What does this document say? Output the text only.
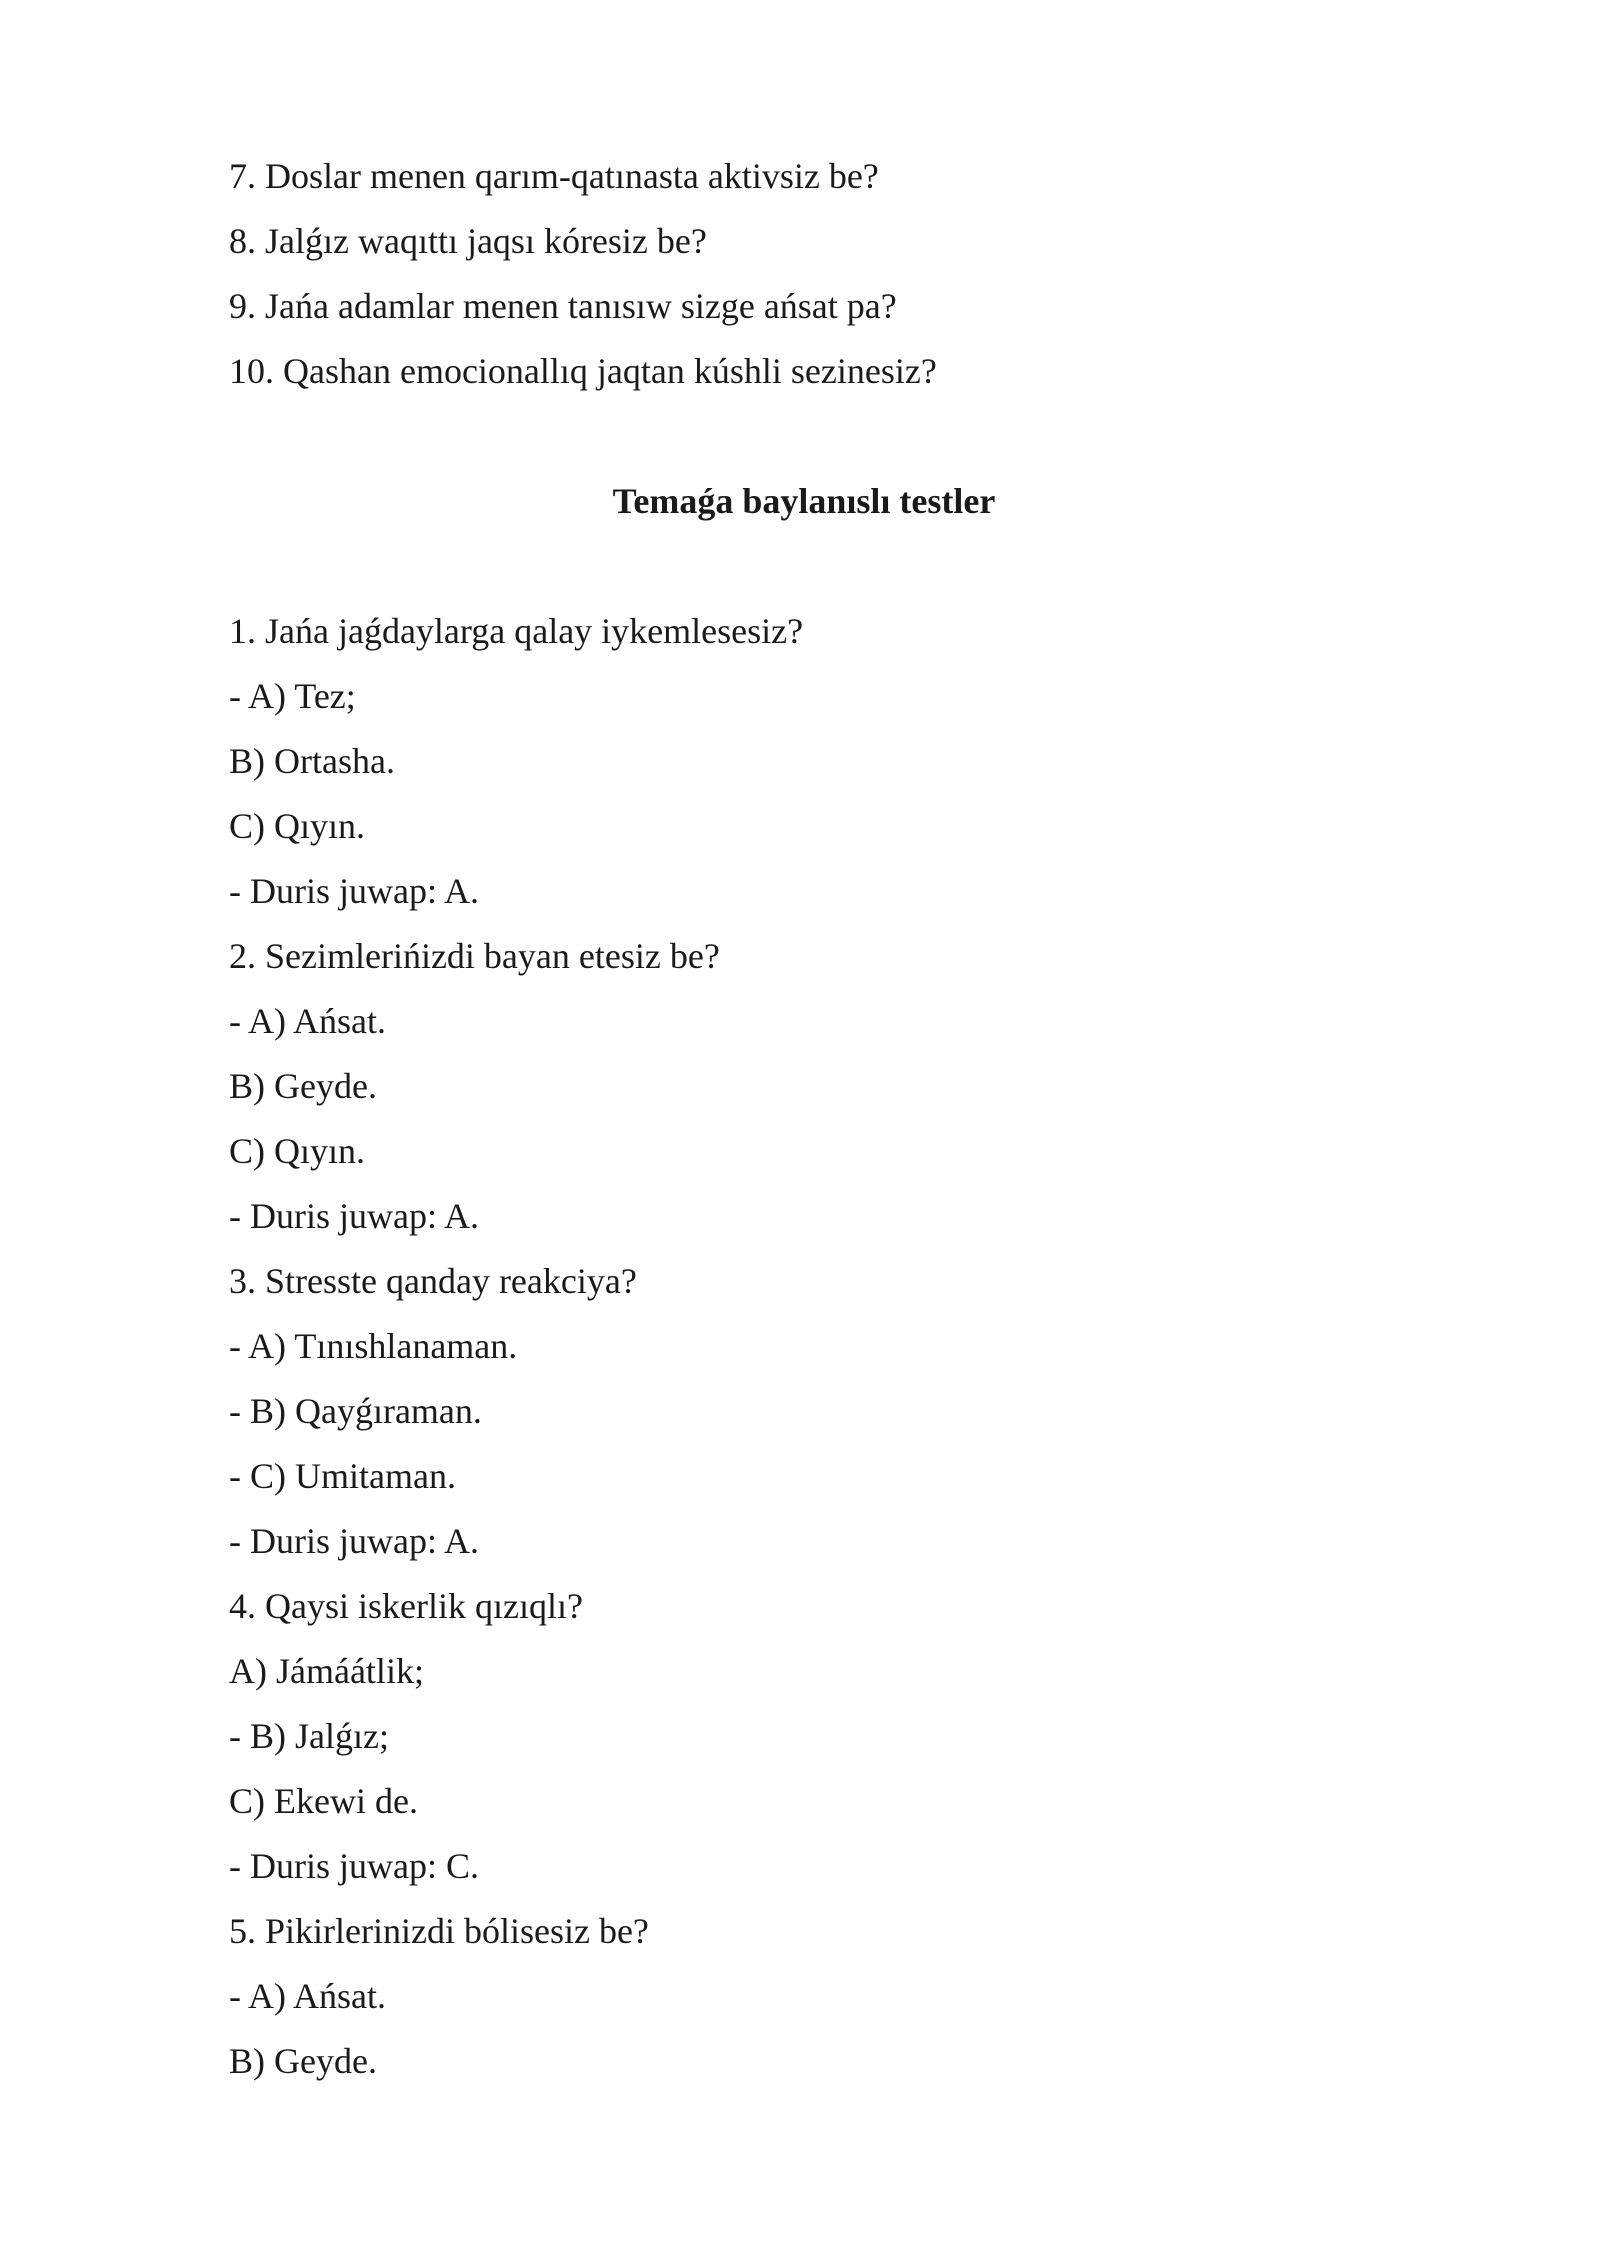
7. Doslar menen qarım-qatınasta aktivsiz be?
8. Jalǵız waqıttı jaqsı kóresiz be?
9. Jańa adamlar menen tanısıw sizge ańsat pa?
10. Qashan emocionallıq jaqtan kúshli sezinesiz?
Temaǵa baylanıslı testler
1. Jańa jaǵdaylarga qalay iykemlesesiz?
- A) Tez;
B) Ortasha.
C) Qıyın.
- Duris juwap: A.
2. Sezimlerińizdi bayan etesiz be?
- A) Ańsat.
B) Geyde.
C) Qıyın.
- Duris juwap: A.
3. Stresste qanday reakciya?
- A) Tınıshlanaman.
- B) Qayǵıraman.
- C) Umitaman.
- Duris juwap: A.
4. Qaysi iskerlik qızıqlı?
A) Jámáátlik;
- B) Jalǵız;
C) Ekewi de.
- Duris juwap: C.
5. Pikirlerinizdi bólisesiz be?
- A) Ańsat.
B) Geyde.
